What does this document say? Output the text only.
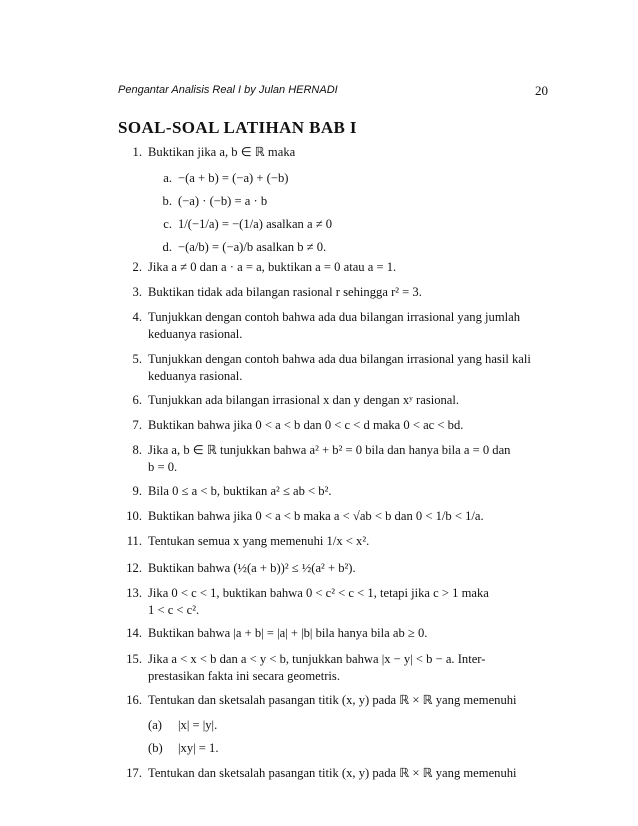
Pengantar Analisis Real I by Julan HERNADI	20
SOAL-SOAL LATIHAN BAB I
1. Buktikan jika a, b ∈ ℝ maka
a. −(a + b) = (−a) + (−b)
b. (−a) · (−b) = a · b
c. 1/(−1/a) = −(1/a) asalkan a ≠ 0
d. −(a/b) = (−a)/b asalkan b ≠ 0.
2. Jika a ≠ 0 dan a · a = a, buktikan a = 0 atau a = 1.
3. Buktikan tidak ada bilangan rasional r sehingga r² = 3.
4. Tunjukkan dengan contoh bahwa ada dua bilangan irrasional yang jumlah
keduanya rasional.
5. Tunjukkan dengan contoh bahwa ada dua bilangan irrasional yang hasil kali
keduanya rasional.
6. Tunjukkan ada bilangan irrasional x dan y dengan xʸ rasional.
7. Buktikan bahwa jika 0 < a < b dan 0 < c < d maka 0 < ac < bd.
8. Jika a, b ∈ ℝ tunjukkan bahwa a² + b² = 0 bila dan hanya bila a = 0 dan
b = 0.
9. Bila 0 ≤ a < b, buktikan a² ≤ ab < b².
10. Buktikan bahwa jika 0 < a < b maka a < √ab < b dan 0 < 1/b < 1/a.
11. Tentukan semua x yang memenuhi 1/x < x².
12. Buktikan bahwa (½(a + b))² ≤ ½(a² + b²).
13. Jika 0 < c < 1, buktikan bahwa 0 < c² < c < 1, tetapi jika c > 1 maka
1 < c < c².
14. Buktikan bahwa |a + b| = |a| + |b| bila hanya bila ab ≥ 0.
15. Jika a < x < b dan a < y < b, tunjukkan bahwa |x − y| < b − a. Inter-
prestasikan fakta ini secara geometris.
16. Tentukan dan sketsalah pasangan titik (x, y) pada ℝ × ℝ yang memenuhi
(a)	|x| = |y|.
(b)	|xy| = 1.
17. Tentukan dan sketsalah pasangan titik (x, y) pada ℝ × ℝ yang memenuhi
